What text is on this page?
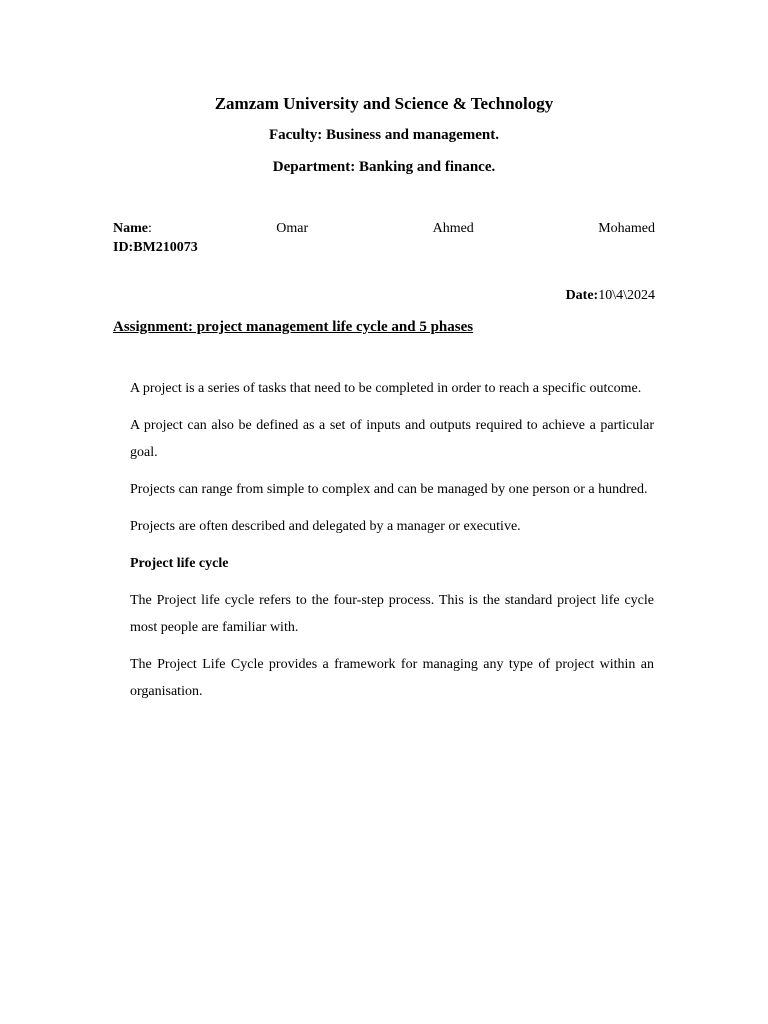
Zamzam University and Science & Technology
Faculty: Business and management.
Department: Banking and finance.
Name:	Omar	Ahmed	Mohamed
ID:BM210073
Date:10\4\2024
Assignment: project management life cycle and 5 phases

A project is a series of tasks that need to be completed in order to reach a specific outcome.

A project can also be defined as a set of inputs and outputs required to achieve a particular goal.

Projects can range from simple to complex and can be managed by one person or a hundred.

Projects are often described and delegated by a manager or executive.

Project life cycle

The Project life cycle refers to the four-step process. This is the standard project life cycle most people are familiar with.

The Project Life Cycle provides a framework for managing any type of project within an organisation.
